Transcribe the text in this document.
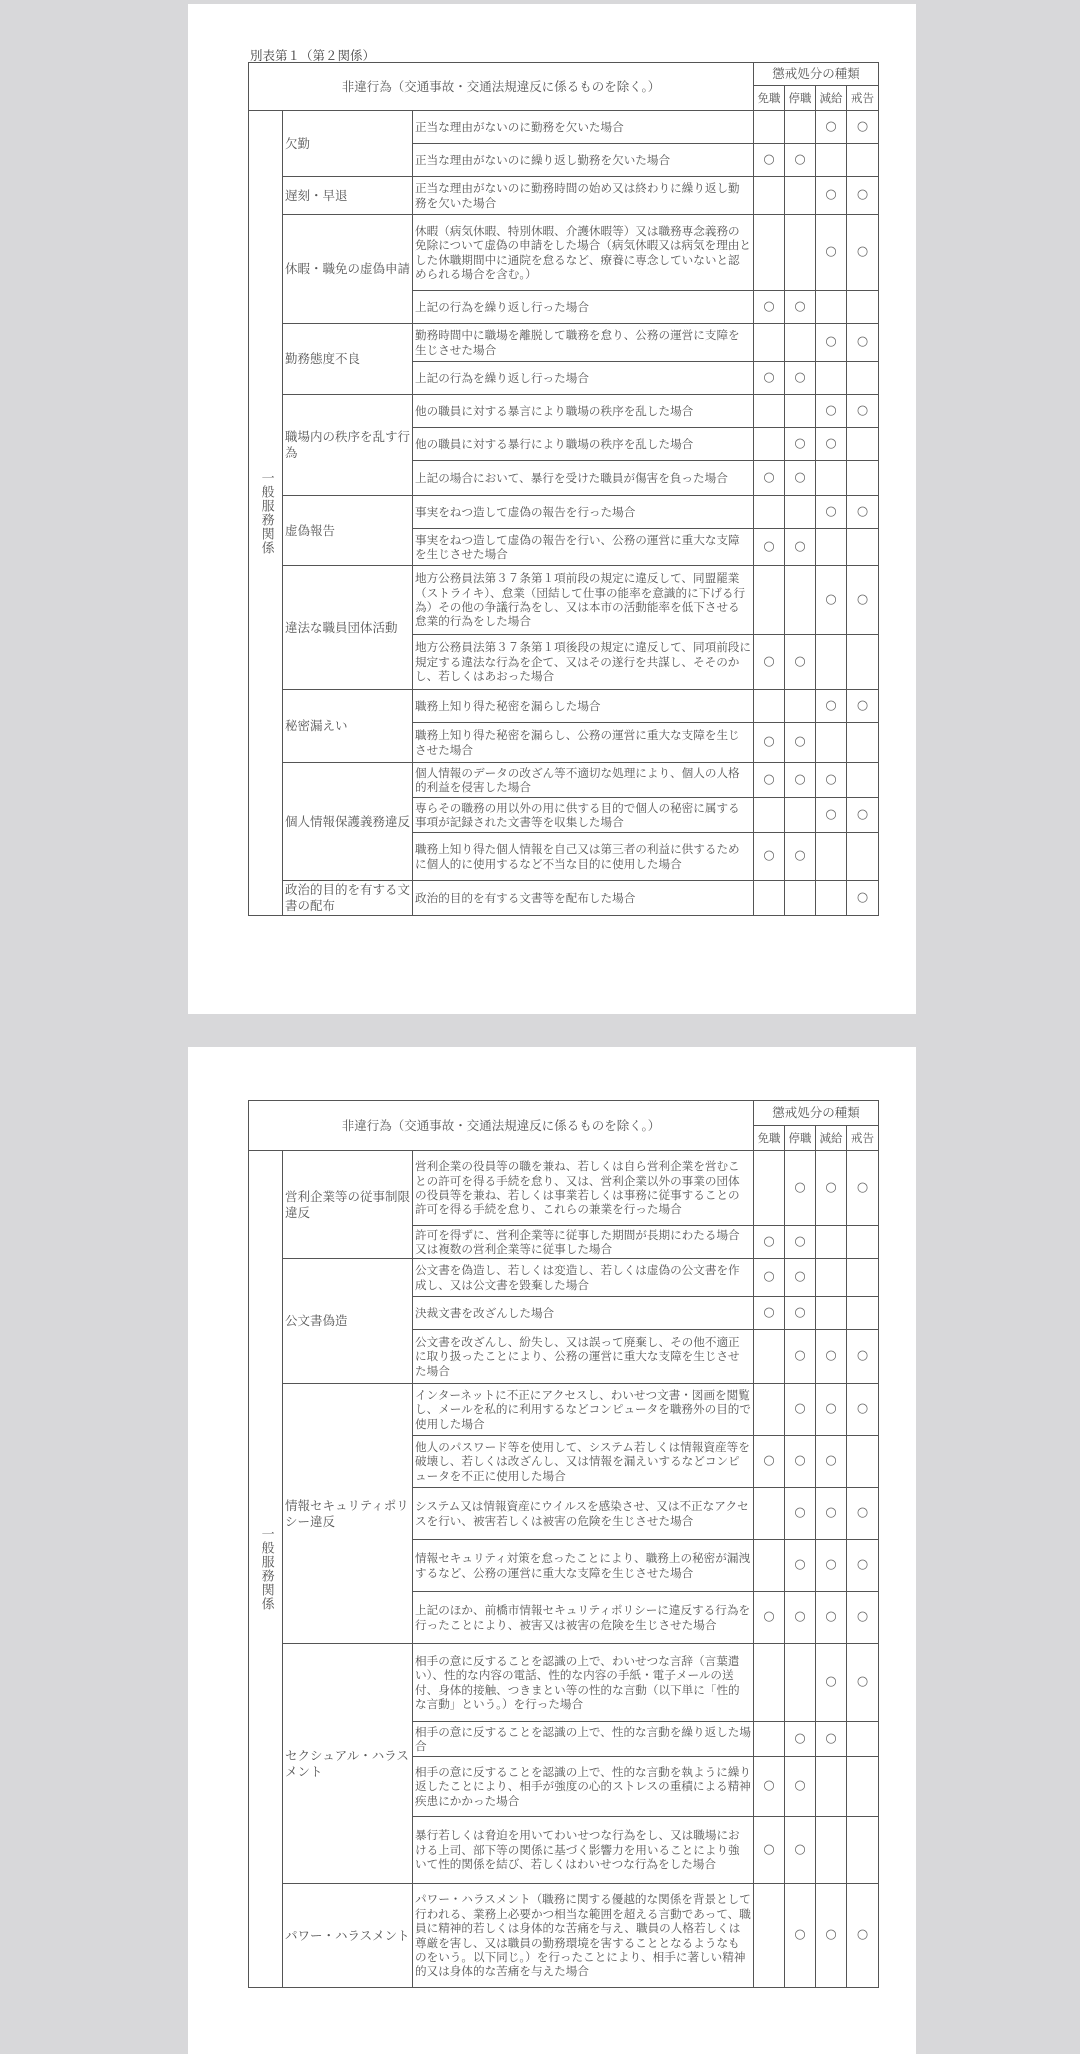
別表第１（第２関係）
非違行為（交通事故・交通法規違反に係るものを除く。）			懲戒処分の種類			
			免職	停職	減給	戒告
一般服務関係	欠勤	正当な理由がないのに勤務を欠いた場合			○	○
		正当な理由がないのに繰り返し勤務を欠いた場合	○	○		
	遅刻・早退	正当な理由がないのに勤務時間の始め又は終わりに繰り返し勤務を欠いた場合			○	○
	休暇・職免の虚偽申請	休暇（病気休暇、特別休暇、介護休暇等）又は職務専念義務の免除について虚偽の申請をした場合（病気休暇又は病気を理由とした休職期間中に通院を怠るなど、療養に専念していないと認められる場合を含む。）			○	○
		上記の行為を繰り返し行った場合	○	○		
	勤務態度不良	勤務時間中に職場を離脱して職務を怠り、公務の運営に支障を生じさせた場合			○	○
		上記の行為を繰り返し行った場合	○	○		
	職場内の秩序を乱す行為	他の職員に対する暴言により職場の秩序を乱した場合			○	○
		他の職員に対する暴行により職場の秩序を乱した場合		○	○	
		上記の場合において、暴行を受けた職員が傷害を負った場合	○	○		
	虚偽報告	事実をねつ造して虚偽の報告を行った場合			○	○
		事実をねつ造して虚偽の報告を行い、公務の運営に重大な支障を生じさせた場合	○	○		
	違法な職員団体活動	地方公務員法第３７条第１項前段の規定に違反して、同盟罷業（ストライキ）、怠業（団結して仕事の能率を意識的に下げる行為）その他の争議行為をし、又は本市の活動能率を低下させる怠業的行為をした場合			○	○
		地方公務員法第３７条第１項後段の規定に違反して、同項前段に規定する違法な行為を企て、又はその遂行を共謀し、そそのかし、若しくはあおった場合	○	○		
	秘密漏えい	職務上知り得た秘密を漏らした場合			○	○
		職務上知り得た秘密を漏らし、公務の運営に重大な支障を生じさせた場合	○	○		
	個人情報保護義務違反	個人情報のデータの改ざん等不適切な処理により、個人の人格的利益を侵害した場合	○	○	○	
		専らその職務の用以外の用に供する目的で個人の秘密に属する事項が記録された文書等を収集した場合			○	○
		職務上知り得た個人情報を自己又は第三者の利益に供するために個人的に使用するなど不当な目的に使用した場合	○	○		
	政治的目的を有する文書の配布	政治的目的を有する文書等を配布した場合				○
非違行為（交通事故・交通法規違反に係るものを除く。）			懲戒処分の種類			
			免職	停職	減給	戒告
一般服務関係	営利企業等の従事制限違反	営利企業の役員等の職を兼ね、若しくは自ら営利企業を営むことの許可を得る手続を怠り、又は、営利企業以外の事業の団体の役員等を兼ね、若しくは事業若しくは事務に従事することの許可を得る手続を怠り、これらの兼業を行った場合		○	○	○
		許可を得ずに、営利企業等に従事した期間が長期にわたる場合又は複数の営利企業等に従事した場合	○	○		
	公文書偽造	公文書を偽造し、若しくは変造し、若しくは虚偽の公文書を作成し、又は公文書を毀棄した場合	○	○		
		決裁文書を改ざんした場合	○	○		
		公文書を改ざんし、紛失し、又は誤って廃棄し、その他不適正に取り扱ったことにより、公務の運営に重大な支障を生じさせた場合		○	○	○
	情報セキュリティポリシー違反	インターネットに不正にアクセスし、わいせつ文書・図画を閲覧し、メールを私的に利用するなどコンピュータを職務外の目的で使用した場合		○	○	○
		他人のパスワード等を使用して、システム若しくは情報資産等を破壊し、若しくは改ざんし、又は情報を漏えいするなどコンピュータを不正に使用した場合	○	○	○	
		システム又は情報資産にウイルスを感染させ、又は不正なアクセスを行い、被害若しくは被害の危険を生じさせた場合		○	○	○
		情報セキュリティ対策を怠ったことにより、職務上の秘密が漏洩するなど、公務の運営に重大な支障を生じさせた場合		○	○	○
		上記のほか、前橋市情報セキュリティポリシーに違反する行為を行ったことにより、被害又は被害の危険を生じさせた場合	○	○	○	○
	セクシュアル・ハラスメント	相手の意に反することを認識の上で、わいせつな言辞（言葉遣い）、性的な内容の電話、性的な内容の手紙・電子メールの送付、身体的接触、つきまとい等の性的な言動（以下単に「性的な言動」という。）を行った場合			○	○
		相手の意に反することを認識の上で、性的な言動を繰り返した場合		○	○	
		相手の意に反することを認識の上で、性的な言動を執ように繰り返したことにより、相手が強度の心的ストレスの重積による精神疾患にかかった場合	○	○		
		暴行若しくは脅迫を用いてわいせつな行為をし、又は職場における上司、部下等の関係に基づく影響力を用いることにより強いて性的関係を結び、若しくはわいせつな行為をした場合	○	○		
	パワー・ハラスメント	パワー・ハラスメント（職務に関する優越的な関係を背景として行われる、業務上必要かつ相当な範囲を超える言動であって、職員に精神的若しくは身体的な苦痛を与え、職員の人格若しくは尊厳を害し、又は職員の勤務環境を害することとなるようなものをいう。以下同じ。）を行ったことにより、相手に著しい精神的又は身体的な苦痛を与えた場合		○	○	○
